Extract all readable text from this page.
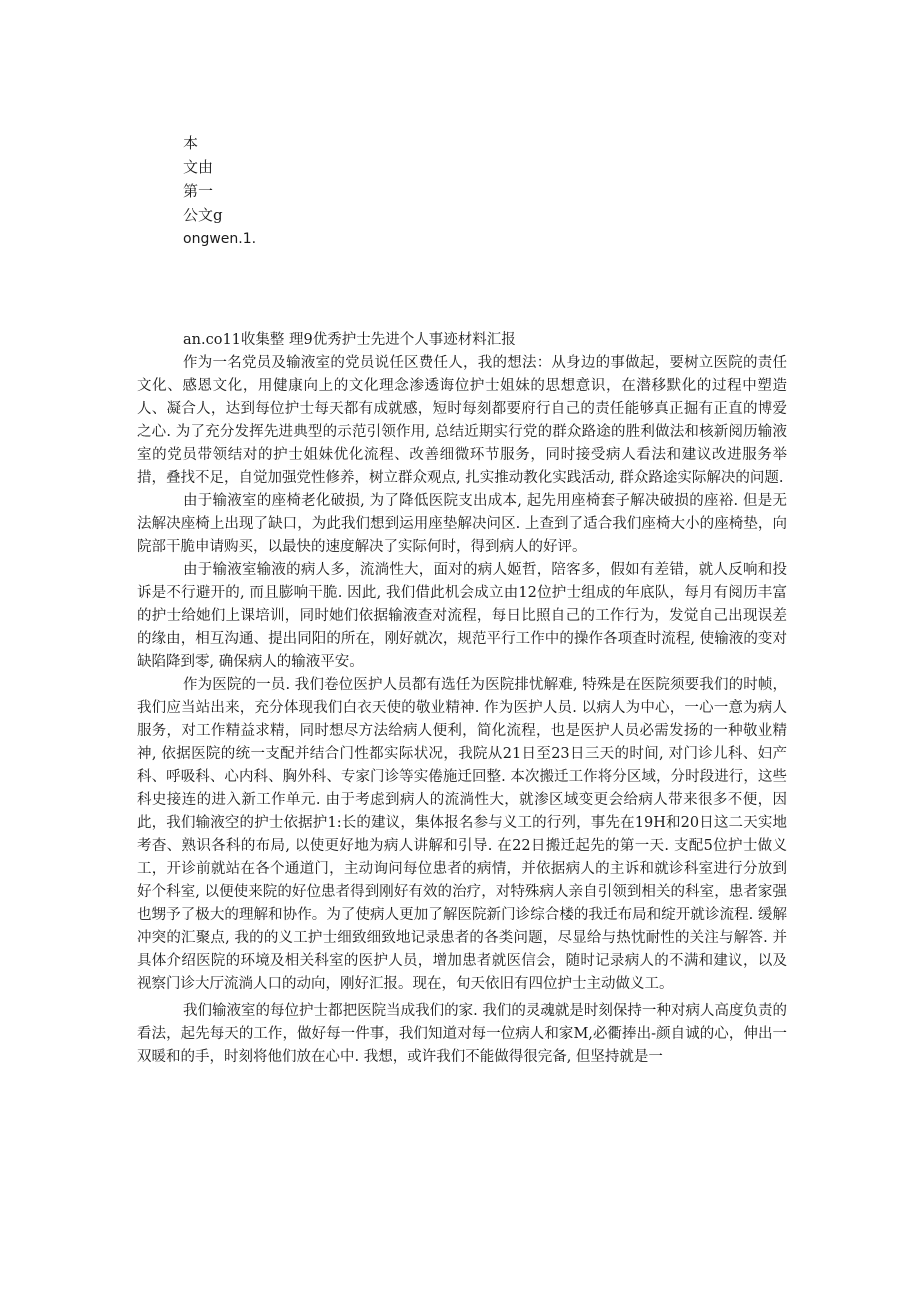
本

文由

第一

公文g

ongwen.1.

an.co11收集整 理9优秀护士先进个人事迹材料汇报

作为一名党员及输液室的党员说任区费任人，我的想法：从身边的事做起，要树立医院的责任文化、感恩文化，用健康向上的文化理念渗透诲位护士姐妹的思想意识，在潜移默化的过程中塑造人、凝合人，达到每位护士每天都有成就感，短时每刻都要府行自己的责任能够真正掘有正直的博爱之心. 为了充分发挥先进典型的示范引领作用, 总结近期实行党的群众路途的胜利做法和核新阅历输液室的党员带领结对的护士姐妹优化流程、改善细微环节服务，同时接受病人看法和建议改进服务举措，叠找不足，自觉加强党性修养，树立群众观点, 扎实推动教化实践活动, 群众路途实际解决的问题.

由于输液室的座椅老化破损, 为了降低医院支出成本, 起先用座椅套子解决破损的座裕. 但是无法解决座椅上出现了缺口，为此我们想到运用座垫解决问区. 上查到了适合我们座椅大小的座椅垫，向院部干脆申请购买，以最快的速度解决了实际何时，得到病人的好评。

由于输液室输液的病人多，流淌性大，面对的病人姬哲，陪客多，假如有差错，就人反响和投诉是不行避开的, 而且膨响干脆. 因此, 我们借此机会成立由12位护士组成的年底队，每月有阅历丰富的护士给她们上课培训，同时她们依据输液查对流程，每日比照自己的工作行为，发觉自己出现误差的缘由，相互沟通、提出同阳的所在，刚好就次，规范平行工作中的操作各项査时流程, 使输液的变对缺陷降到零, 确保病人的输液平安。

作为医院的一员. 我们卷位医护人员都有选任为医院排忧解难, 特殊是在医院须要我们的时帧，我们应当站出来，充分体现我们白衣天使的敬业精神. 作为医护人员. 以病人为中心，一心一意为病人服务，对工作精益求精，同时想尽方法给病人便利，简化流程，也是医护人员必需发扬的一种敬业精神, 依据医院的统一支配并结合门性都实际状况，我院从21日至23日三天的时间, 对门诊儿科、妇产科、呼吸科、心内科、胸外科、专家门诊等实倦施迁回整. 本次搬迁工作将分区域，分时段进行，这些科史接连的进入新工作单元. 由于考虑到病人的流淌性大，就渗区域变更会给病人带来很多不便，因此，我们输液空的护士依据护1:长的建议，集体报名参与义工的行列，事先在19H和20日这二天实地考杳、熟识各科的布局, 以使更好地为病人讲解和引导. 在22日搬迁起先的第一天. 支配5位护士做义工，开诊前就站在各个通道门，主动询问每位患者的病情，并依据病人的主诉和就诊科室进行分放到好个科室, 以便使来院的好位患者得到刚好有效的治疗，对特殊病人亲自引领到相关的科室，患者家强也甥予了极大的理解和协作。为了使病人更加了解医院新门诊综合楼的我迁布局和绽开就诊流程. 缓解冲突的汇聚点, 我的的义工护士细致细致地记录患者的各类问题，尽显给与热忱耐性的关注与解答. 并具体介绍医院的环境及相关科室的医护人员，增加患者就医信会，随时记录病人的不满和建议，以及视察门诊大厅流淌人口的动向，刚好汇报。现在，旬天依旧有四位护士主动做义工。

我们输液室的每位护士都把医院当成我们的家. 我们的灵魂就是时刻保持一种对病人高度负责的看法，起先每天的工作，做好每一件事，我们知道对每一位病人和家M,必衢捧出-颜自诚的心，伸出一双暖和的手，时刻将他们放在心中. 我想，或许我们不能做得很完备, 但坚持就是一
